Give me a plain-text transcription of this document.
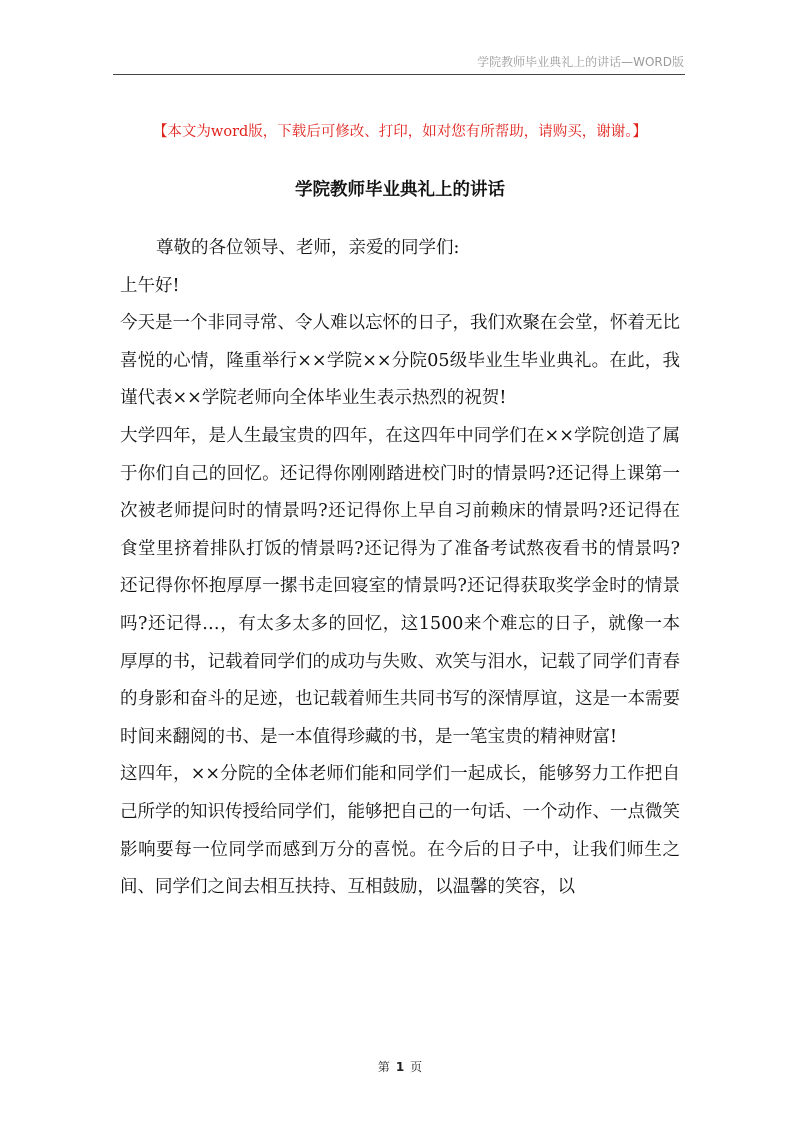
学院教师毕业典礼上的讲话—WORD版
【本文为word版，下载后可修改、打印，如对您有所帮助，请购买，谢谢。】
学院教师毕业典礼上的讲话

尊敬的各位领导、老师，亲爱的同学们:

上午好!

今天是一个非同寻常、令人难以忘怀的日子，我们欢聚在会堂，怀着无比喜悦的心情，隆重举行××学院××分院05级毕业生毕业典礼。在此，我谨代表××学院老师向全体毕业生表示热烈的祝贺!

大学四年，是人生最宝贵的四年，在这四年中同学们在××学院创造了属于你们自己的回忆。还记得你刚刚踏进校门时的情景吗?还记得上课第一次被老师提问时的情景吗?还记得你上早自习前赖床的情景吗?还记得在食堂里挤着排队打饭的情景吗?还记得为了准备考试熬夜看书的情景吗?还记得你怀抱厚厚一摞书走回寝室的情景吗?还记得获取奖学金时的情景吗?还记得…，有太多太多的回忆，这1500来个难忘的日子，就像一本厚厚的书，记载着同学们的成功与失败、欢笑与泪水，记载了同学们青春的身影和奋斗的足迹，也记载着师生共同书写的深情厚谊，这是一本需要时间来翻阅的书、是一本值得珍藏的书，是一笔宝贵的精神财富!

这四年，××分院的全体老师们能和同学们一起成长，能够努力工作把自己所学的知识传授给同学们，能够把自己的一句话、一个动作、一点微笑影响要每一位同学而感到万分的喜悦。在今后的日子中，让我们师生之间、同学们之间去相互扶持、互相鼓励，以温馨的笑容，以

第 1 页
